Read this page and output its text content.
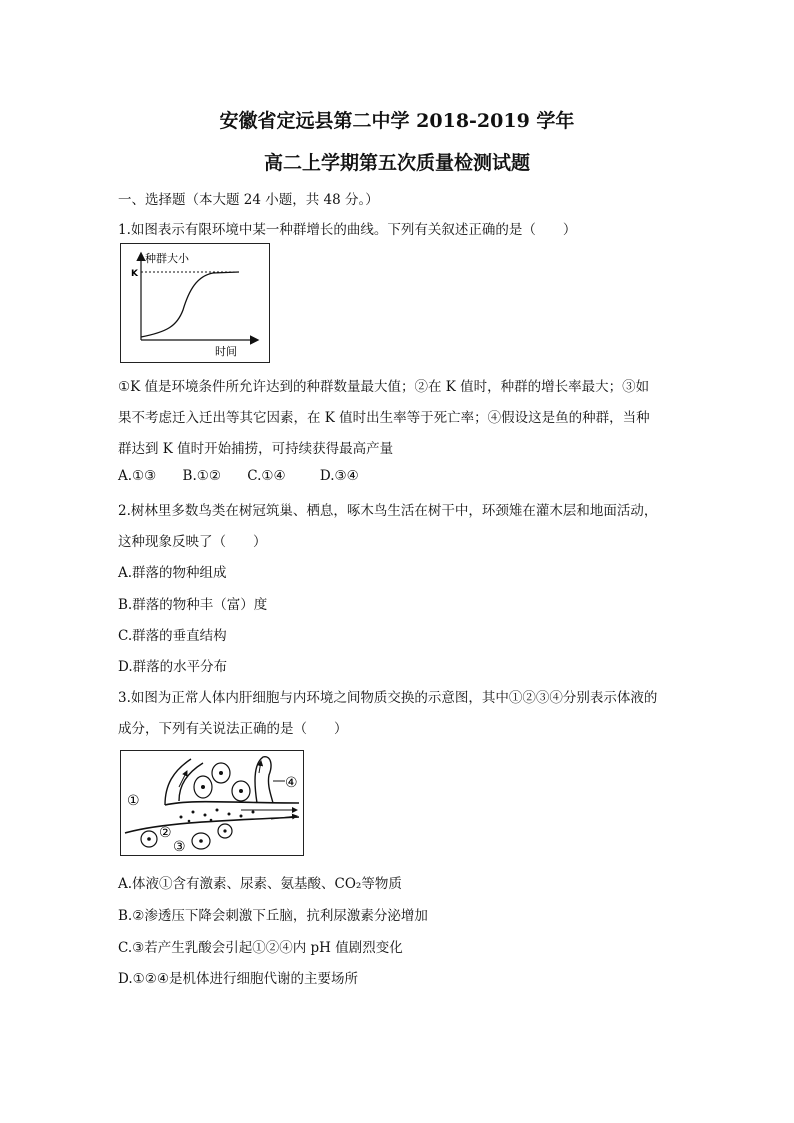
安徽省定远县第二中学 2018-2019 学年
高二上学期第五次质量检测试题
一、选择题（本大题 24 小题，共 48 分。）
1.如图表示有限环境中某一种群增长的曲线。下列有关叙述正确的是（　　）
K
种群大小
时间
①K 值是环境条件所允许达到的种群数量最大值；②在 K 值时，种群的增长率最大；③如
果不考虑迁入迁出等其它因素，在 K 值时出生率等于死亡率；④假设这是鱼的种群，当种
群达到 K 值时开始捕捞，可持续获得最高产量
A.①③ B.①② C.①④	D.③④
2.树林里多数鸟类在树冠筑巢、栖息，啄木鸟生活在树干中，环颈雉在灌木层和地面活动，
这种现象反映了（　　）
A.群落的物种组成
B.群落的物种丰（富）度
C.群落的垂直结构
D.群落的水平分布
3.如图为正常人体内肝细胞与内环境之间物质交换的示意图，其中①②③④分别表示体液的
成分，下列有关说法正确的是（　　）
①
②
③
④
A.体液①含有激素、尿素、氨基酸、CO₂等物质
B.②渗透压下降会刺激下丘脑，抗利尿激素分泌增加
C.③若产生乳酸会引起①②④内 pH 值剧烈变化
D.①②④是机体进行细胞代谢的主要场所
